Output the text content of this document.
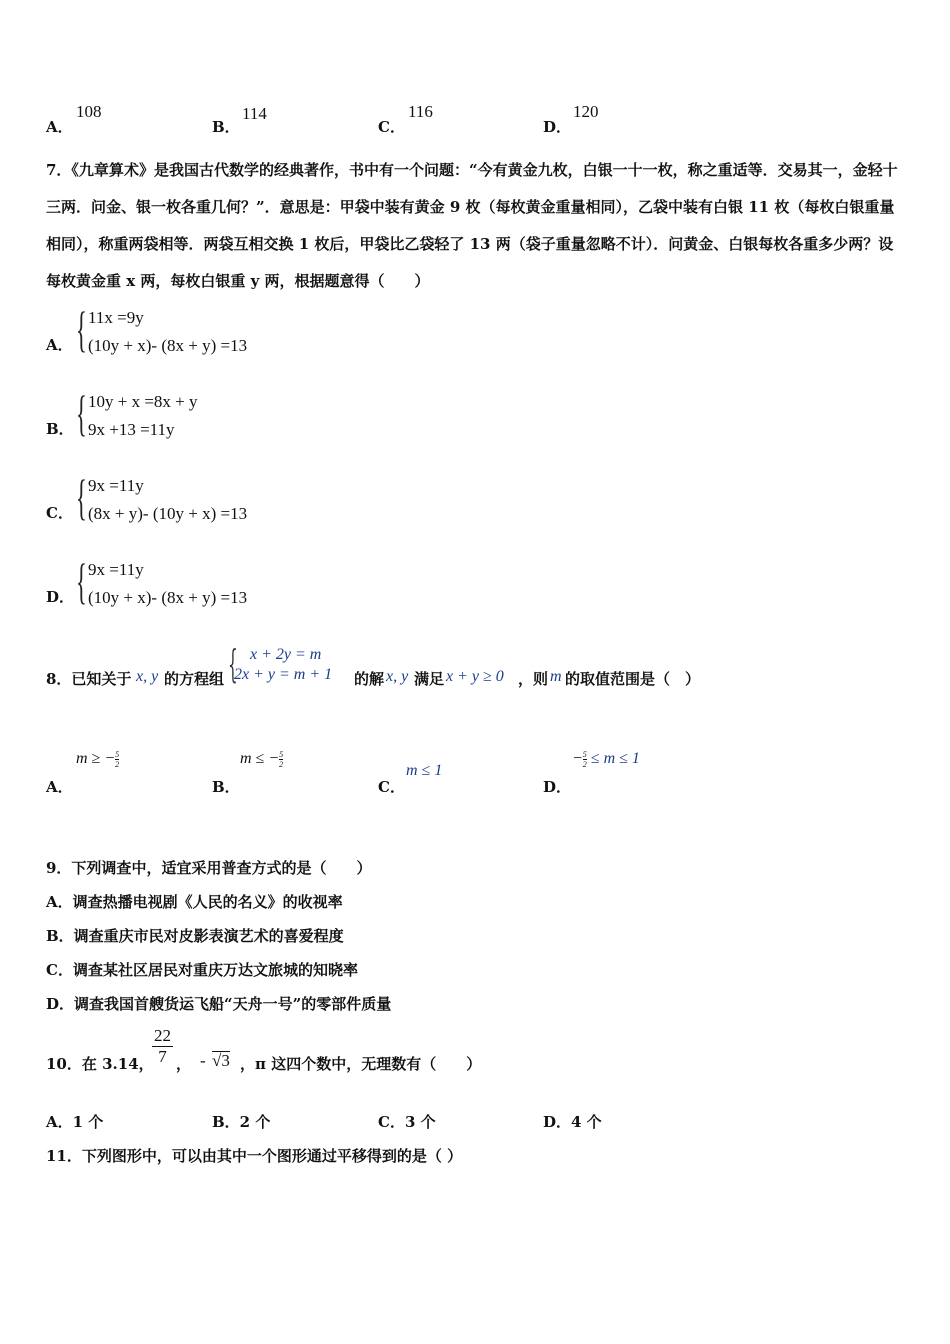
A．
108
B．
114
C．
116
D．
120
7．《九章算术》是我国古代数学的经典著作，书中有一个问题：“今有黄金九枚，白银一十一枚，称之重适等．交易其一，金轻十三两．问金、银一枚各重几何？”．意思是：甲袋中装有黄金 9 枚（每枚黄金重量相同），乙袋中装有白银 11 枚（每枚白银重量相同），称重两袋相等．两袋互相交换 1 枚后，甲袋比乙袋轻了 13 两（袋子重量忽略不计）．问黄金、白银每枚各重多少两？设每枚黄金重 x 两，每枚白银重 y 两，根据题意得（　　）
A． { 11x =9y
(10y + x)- (8x + y) =13
B． { 10y + x =8x + y
9x +13 =11y
C． { 9x =11y
(8x + y)- (10y + x) =13
D． { 9x =11y
(10y + x)- (8x + y) =13
8．已知关于 x, y 的方程组 { x + 2y = m
2x + y = m + 1 的解 x, y 满足 x + y ≥ 0 ，则 m 的取值范围是（　）
A．
m ≥ − $\frac{5}{2}$
B．
m ≤ − $\frac{5}{2}$
C．
m ≤ 1
D．
− $\frac{5}{2} \le m \le 1$
9．下列调查中，适宜采用普查方式的是（　　）
A．调查热播电视剧《人民的名义》的收视率
B．调查重庆市民对皮影表演艺术的喜爱程度
C．调查某社区居民对重庆万达文旅城的知晓率
D．调查我国首艘货运飞船“天舟一号”的零部件质量
10．在 3.14，
$\frac{22}{7}$ ， - √3 ，π 这四个数中，无理数有（　　）
A．1 个	B．2 个	C．3 个	D．4 个
11．下列图形中，可以由其中一个图形通过平移得到的是（ ）
